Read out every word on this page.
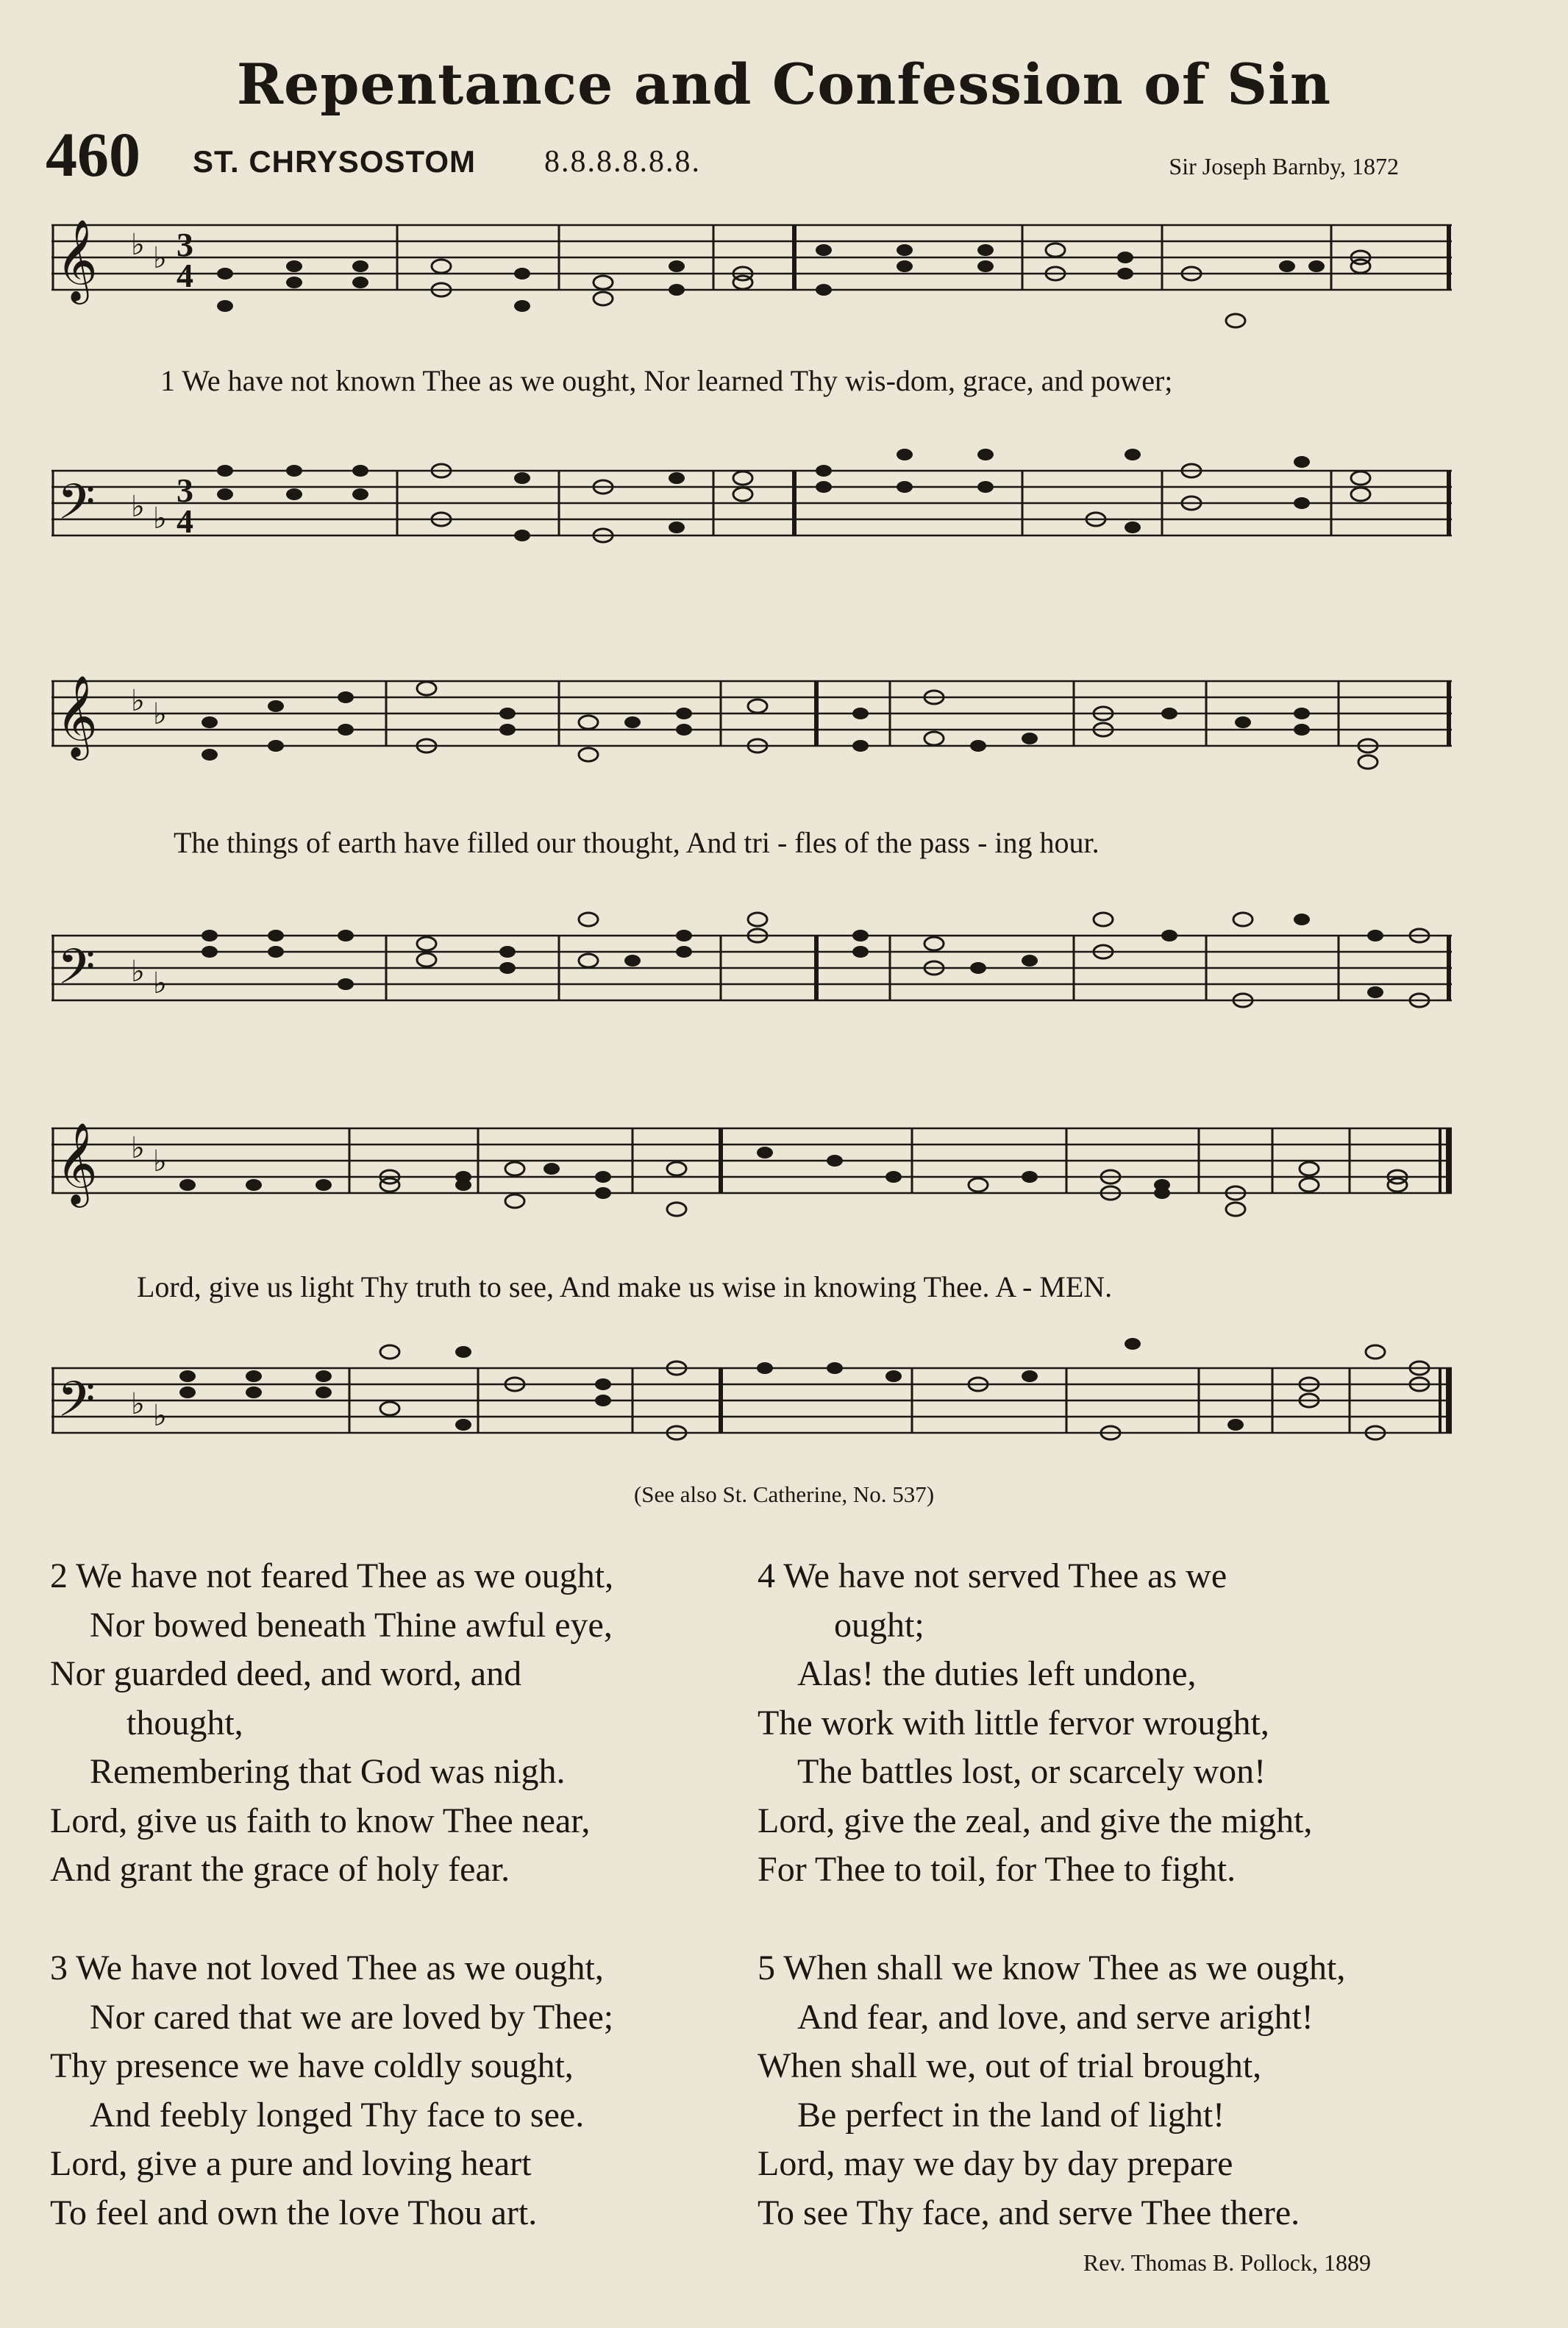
Repentance and Confession of Sin
460 ST. CHRYSOSTOM 8.8.8.8.8.8.	Sir Joseph Barnby, 1872
𝄞 ♭ ♭ 3
4
1 We have not known Thee as we ought, Nor learned Thy wis-dom, grace, and power;
𝄢 ♭ ♭
3
4
𝄞 ♭ ♭
The things of earth have filled our thought, And tri - fles of the pass - ing hour.
𝄢 ♭ ♭
𝄞 ♭ ♭
Lord, give us light Thy truth to see, And make us wise in knowing Thee. A - MEN.
𝄢 ♭ ♭
(See also St. Catherine, No. 537)
2 We have not feared Thee as we ought,
Nor bowed beneath Thine awful eye,
Nor guarded deed, and word, and
thought,
Remembering that God was nigh.
Lord, give us faith to know Thee near,
And grant the grace of holy fear.
3 We have not loved Thee as we ought,
Nor cared that we are loved by Thee;
Thy presence we have coldly sought,
And feebly longed Thy face to see.
Lord, give a pure and loving heart
To feel and own the love Thou art.
4 We have not served Thee as we
ought;
Alas! the duties left undone,
The work with little fervor wrought,
The battles lost, or scarcely won!
Lord, give the zeal, and give the might,
For Thee to toil, for Thee to fight.
5 When shall we know Thee as we ought,
And fear, and love, and serve aright!
When shall we, out of trial brought,
Be perfect in the land of light!
Lord, may we day by day prepare
To see Thy face, and serve Thee there.
Rev. Thomas B. Pollock, 1889
